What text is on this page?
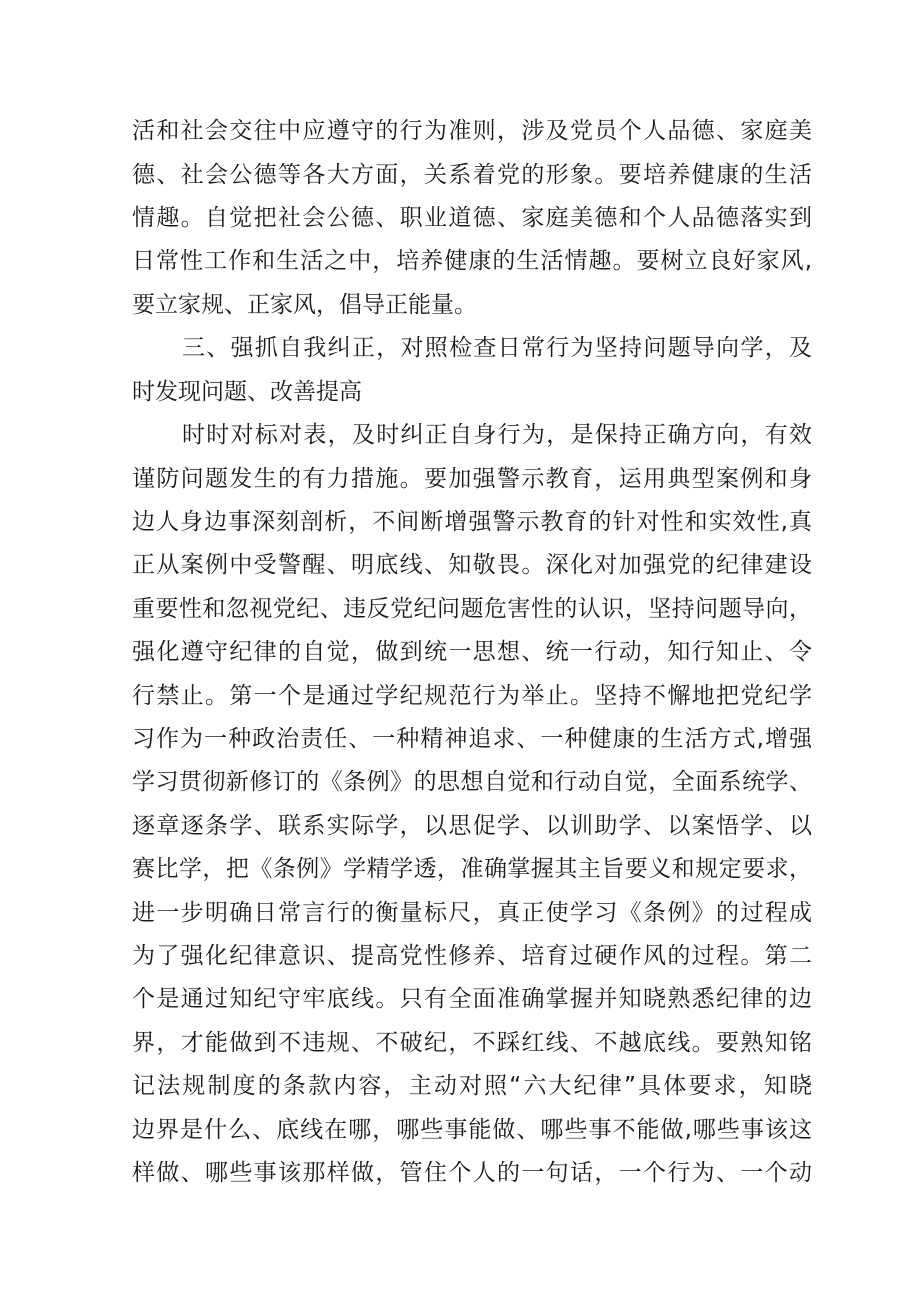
活和社会交往中应遵守的行为准则，涉及党员个人品德、家庭美

德、社会公德等各大方面，关系着党的形象。要培养健康的生活

情趣。自觉把社会公德、职业道德、家庭美德和个人品德落实到

日常性工作和生活之中，培养健康的生活情趣。要树立良好家风,

要立家规、正家风，倡导正能量。

三、强抓自我纠正，对照检查日常行为坚持问题导向学，及

时发现问题、改善提高

时时对标对表，及时纠正自身行为，是保持正确方向，有效

谨防问题发生的有力措施。要加强警示教育，运用典型案例和身

边人身边事深刻剖析，不间断增强警示教育的针对性和实效性,真

正从案例中受警醒、明底线、知敬畏。深化对加强党的纪律建设

重要性和忽视党纪、违反党纪问题危害性的认识，坚持问题导向，

强化遵守纪律的自觉，做到统一思想、统一行动，知行知止、令

行禁止。第一个是通过学纪规范行为举止。坚持不懈地把党纪学

习作为一种政治责任、一种精神追求、一种健康的生活方式,增强

学习贯彻新修订的《条例》的思想自觉和行动自觉，全面系统学、

逐章逐条学、联系实际学，以思促学、以训助学、以案悟学、以

赛比学，把《条例》学精学透，准确掌握其主旨要义和规定要求，

进一步明确日常言行的衡量标尺，真正使学习《条例》的过程成

为了强化纪律意识、提高党性修养、培育过硬作风的过程。第二

个是通过知纪守牢底线。只有全面准确掌握并知晓熟悉纪律的边

界，才能做到不违规、不破纪，不踩红线、不越底线。要熟知铭

记法规制度的条款内容，主动对照“六大纪律”具体要求，知晓

边界是什么、底线在哪，哪些事能做、哪些事不能做,哪些事该这

样做、哪些事该那样做，管住个人的一句话，一个行为、一个动
